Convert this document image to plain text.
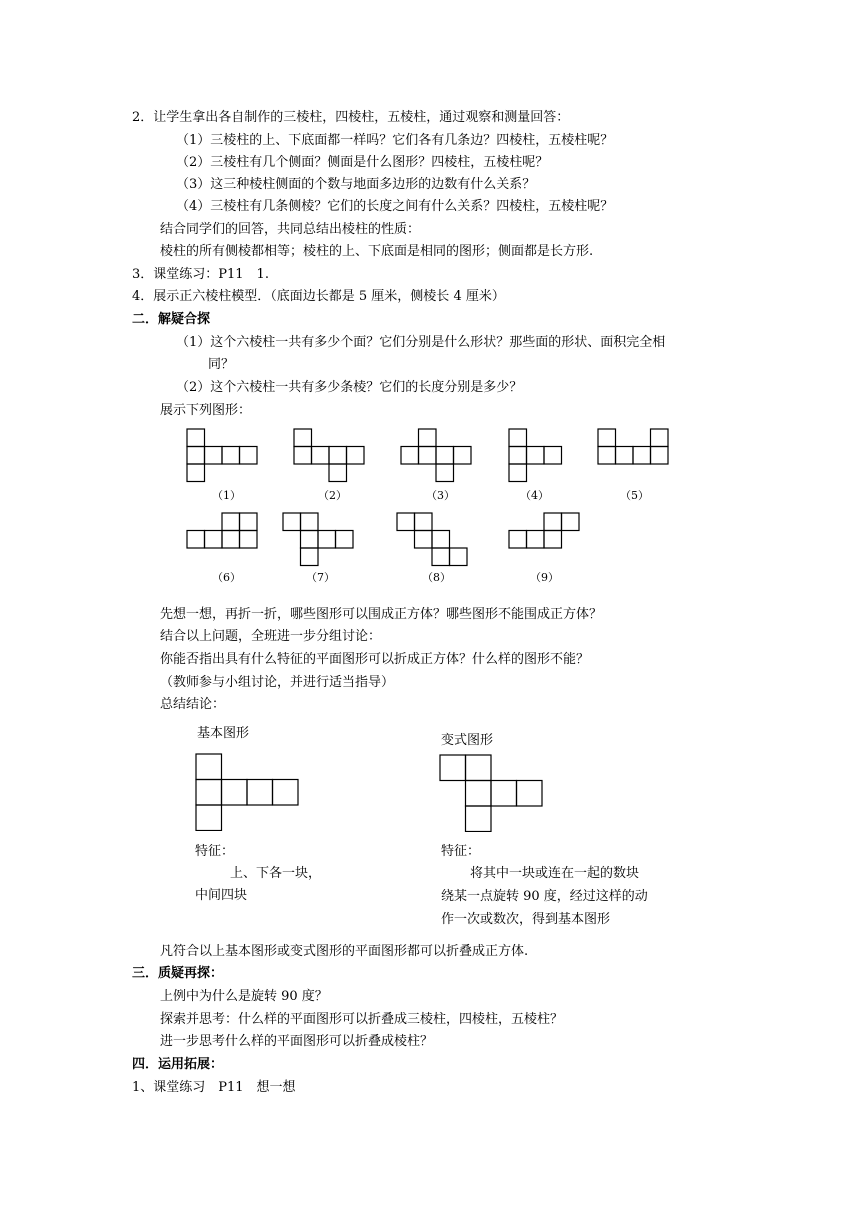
2．让学生拿出各自制作的三棱柱，四棱柱，五棱柱，通过观察和测量回答：
（1）三棱柱的上、下底面都一样吗？它们各有几条边？四棱柱，五棱柱呢？
（2）三棱柱有几个侧面？侧面是什么图形？四棱柱，五棱柱呢？
（3）这三种棱柱侧面的个数与地面多边形的边数有什么关系？
（4）三棱柱有几条侧棱？它们的长度之间有什么关系？四棱柱，五棱柱呢？
结合同学们的回答，共同总结出棱柱的性质：
棱柱的所有侧棱都相等；棱柱的上、下底面是相同的图形；侧面都是长方形.
3．课堂练习：P11　1.
4．展示正六棱柱模型．（底面边长都是 5 厘米，侧棱长 4 厘米）
二．解疑合探
（1）这个六棱柱一共有多少个面？它们分别是什么形状？那些面的形状、面积完全相
同？
（2）这个六棱柱一共有多少条棱？它们的长度分别是多少？
展示下列图形：
（1）	（2）	（3）	（4）	（5）
（6）	（7）	（8）	（9）
先想一想，再折一折，哪些图形可以围成正方体？哪些图形不能围成正方体？
结合以上问题，全班进一步分组讨论：
你能否指出具有什么特征的平面图形可以折成正方体？什么样的图形不能？
（教师参与小组讨论，并进行适当指导）
总结结论：
基本图形	变式图形
特征：
上、下各一块，
中间四块
特征：
将其中一块或连在一起的数块
绕某一点旋转 90 度，经过这样的动
作一次或数次，得到基本图形
凡符合以上基本图形或变式图形的平面图形都可以折叠成正方体.
三．质疑再探：
上例中为什么是旋转 90 度？
探索并思考：什么样的平面图形可以折叠成三棱柱，四棱柱，五棱柱？
进一步思考什么样的平面图形可以折叠成棱柱？
四．运用拓展：
1、课堂练习　P11　想一想
